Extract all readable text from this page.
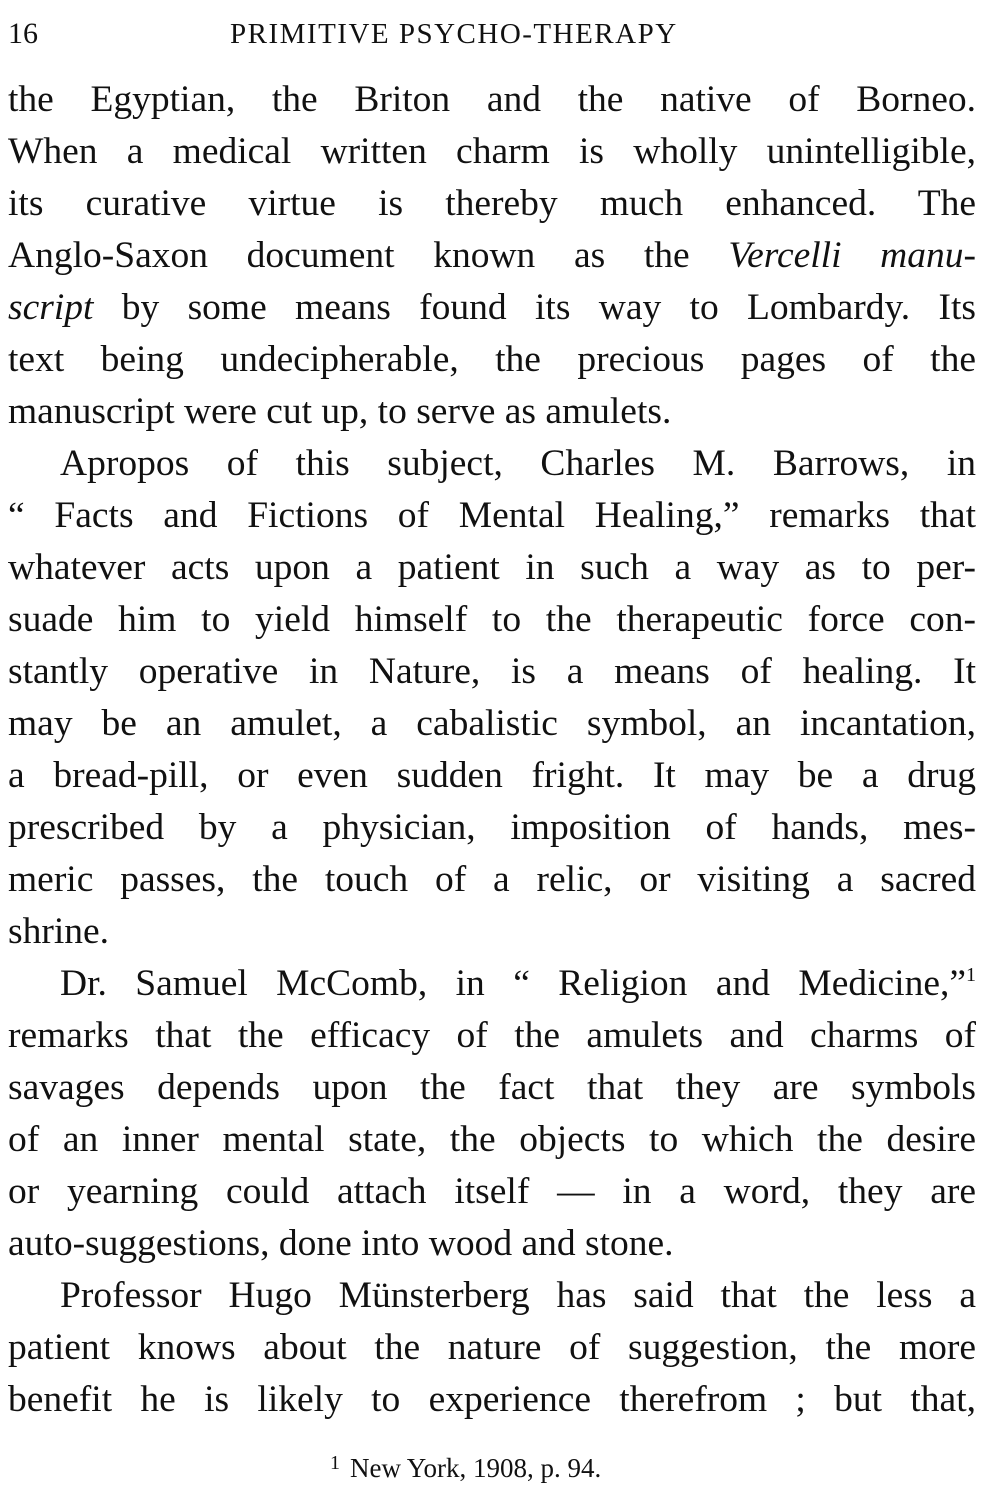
16	PRIMITIVE PSYCHO-THERAPY
the Egyptian, the Briton and the native of Borneo.
When a medical written charm is wholly unintelligible,
its curative virtue is thereby much enhanced. The
Anglo-Saxon document known as the Vercelli manu-
script by some means found its way to Lombardy. Its
text being undecipherable, the precious pages of the
manuscript were cut up, to serve as amulets.
Apropos of this subject, Charles M. Barrows, in
“ Facts and Fictions of Mental Healing,” remarks that
whatever acts upon a patient in such a way as to per-
suade him to yield himself to the therapeutic force con-
stantly operative in Nature, is a means of healing. It
may be an amulet, a cabalistic symbol, an incantation,
a bread-pill, or even sudden fright. It may be a drug
prescribed by a physician, imposition of hands, mes-
meric passes, the touch of a relic, or visiting a sacred
shrine.
Dr. Samuel McComb, in “ Religion and Medicine,”$^1$
remarks that the efficacy of the amulets and charms of
savages depends upon the fact that they are symbols
of an inner mental state, the objects to which the desire
or yearning could attach itself — in a word, they are
auto-suggestions, done into wood and stone.
Professor Hugo Münsterberg has said that the less a
patient knows about the nature of suggestion, the more
benefit he is likely to experience therefrom ; but that,
$^1$ New York, 1908, p. 94.
